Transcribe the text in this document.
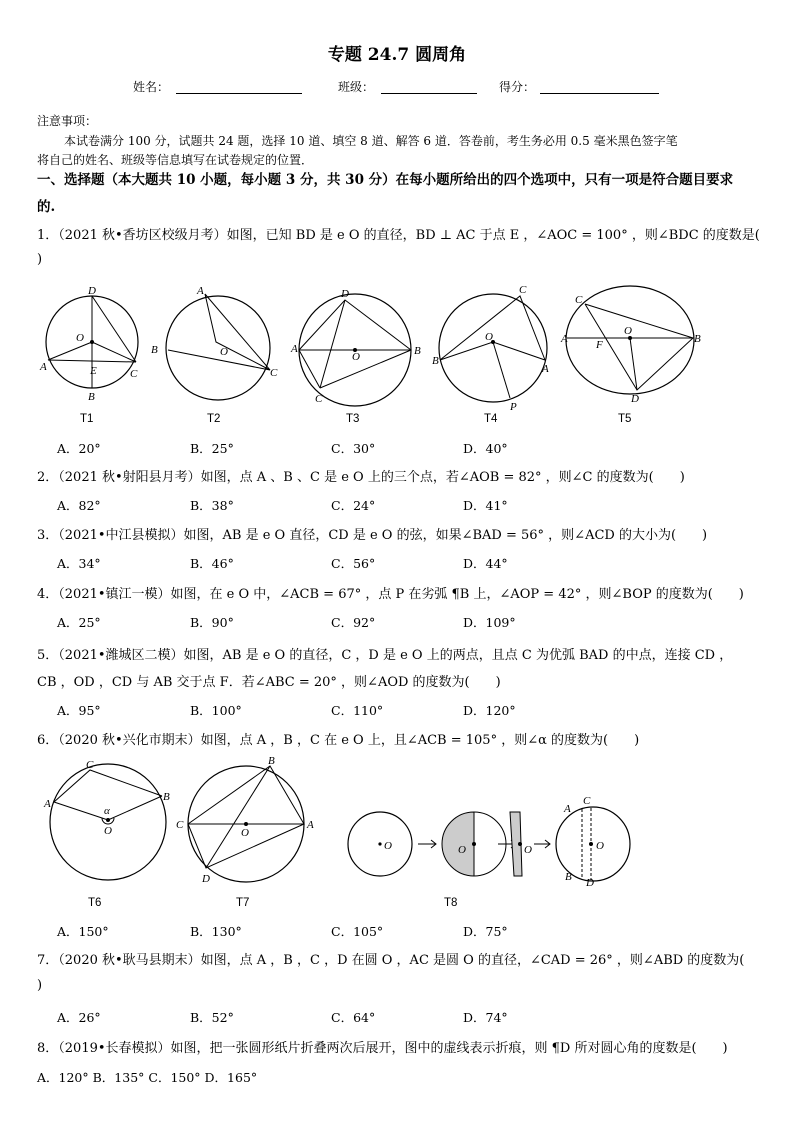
专题 24.7 圆周角
姓名：	班级：	得分：
注意事项：
本试卷满分 100 分，试题共 24 题，选择 10 道、填空 8 道、解答 6 道．答卷前，考生务必用 0.5 毫米黑色签字笔
将自己的姓名、班级等信息填写在试卷规定的位置．
一、选择题（本大题共 10 小题，每小题 3 分，共 30 分）在每小题所给出的四个选项中，只有一项是符合题目要求
的.
1．（2021 秋•香坊区校级月考）如图，已知 BD 是 e O 的直径，BD ⊥ AC 于点 E ，∠AOC = 100° ，则∠BDC 的度数是(
)
D
O
A	E	C
B
A
B	O
C
D
A
O	B
C
C
O
B
A
P
C
O
A	F	B
D
T1	T2	T3	T4	T5
A．20°	B．25°	C．30°	D．40°
2．（2021 秋•射阳县月考）如图，点 A 、B 、C 是 e O 上的三个点，若∠AOB = 82° ，则∠C 的度数为(　　)
A．82°	B．38°	C．24°	D．41°
3．（2021•中江县模拟）如图，AB 是 e O 直径，CD 是 e O 的弦，如果∠BAD = 56° ，则∠ACD 的大小为(　　)
A．34°	B．46°	C．56°	D．44°
4．（2021•镇江一模）如图，在 e O 中，∠ACB = 67° ，点 P 在劣弧 ¶B 上，∠AOP = 42° ，则∠BOP 的度数为(　　)
A．25°	B．90°	C．92°	D．109°
5．（2021•潍城区二模）如图，AB 是 e O 的直径，C ，D 是 e O 上的两点，且点 C 为优弧 BAD 的中点，连接 CD ，
CB ，OD ，CD 与 AB 交于点 F．若∠ABC = 20° ，则∠AOD 的度数为(　　)
A．95°	B．100°	C．110°	D．120°
6．（2020 秋•兴化市期末）如图，点 A ，B ，C 在 e O 上，且∠ACB = 105° ，则∠α 的度数为(　　)
C
A
B
α
O
B
C
O
A
D
O	O	O
A
C
O
B D
T6	T7	T8
A．150°	B．130°	C．105°	D．75°
7．（2020 秋•耿马县期末）如图，点 A ，B ，C ，D 在圆 O ，AC 是圆 O 的直径，∠CAD = 26° ，则∠ABD 的度数为(
)
A．26°	B．52°	C．64°	D．74°
8．（2019•长春模拟）如图，把一张圆形纸片折叠两次后展开，图中的虚线表示折痕，则 ¶D 所对圆心角的度数是(　　)
A．120° B．135° C．150° D．165°
